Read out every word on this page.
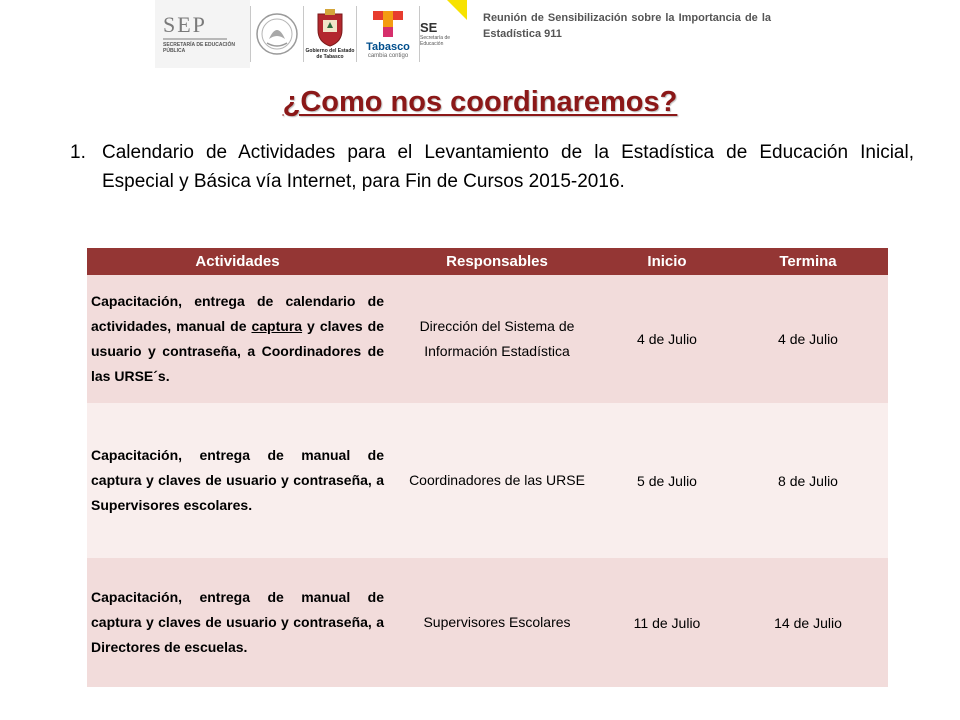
SEP
SECRETARÍA DE EDUCACIÓN PÚBLICA	Gobierno del Estado de Tabasco
Tabasco
cambia contigo
SE
Secretaría de Educación
Reunión de Sensibilización sobre la Importancia de la Estadística 911
¿Como nos coordinaremos?
1. Calendario de Actividades para el Levantamiento de la Estadística de Educación Inicial, Especial y Básica vía Internet, para Fin de Cursos 2015-2016.
Actividades	Responsables	Inicio	Termina
Capacitación, entrega de calendario de actividades, manual de captura y claves de usuario y contraseña, a Coordinadores de las URSE´s.	Dirección del Sistema de Información Estadística	4 de Julio	4 de Julio
Capacitación, entrega de manual de captura y claves de usuario y contraseña, a Supervisores escolares.	Coordinadores de las URSE	5 de Julio	8 de Julio
Capacitación, entrega de manual de captura y claves de usuario y contraseña, a Directores de escuelas.	Supervisores Escolares	11 de Julio	14 de Julio
